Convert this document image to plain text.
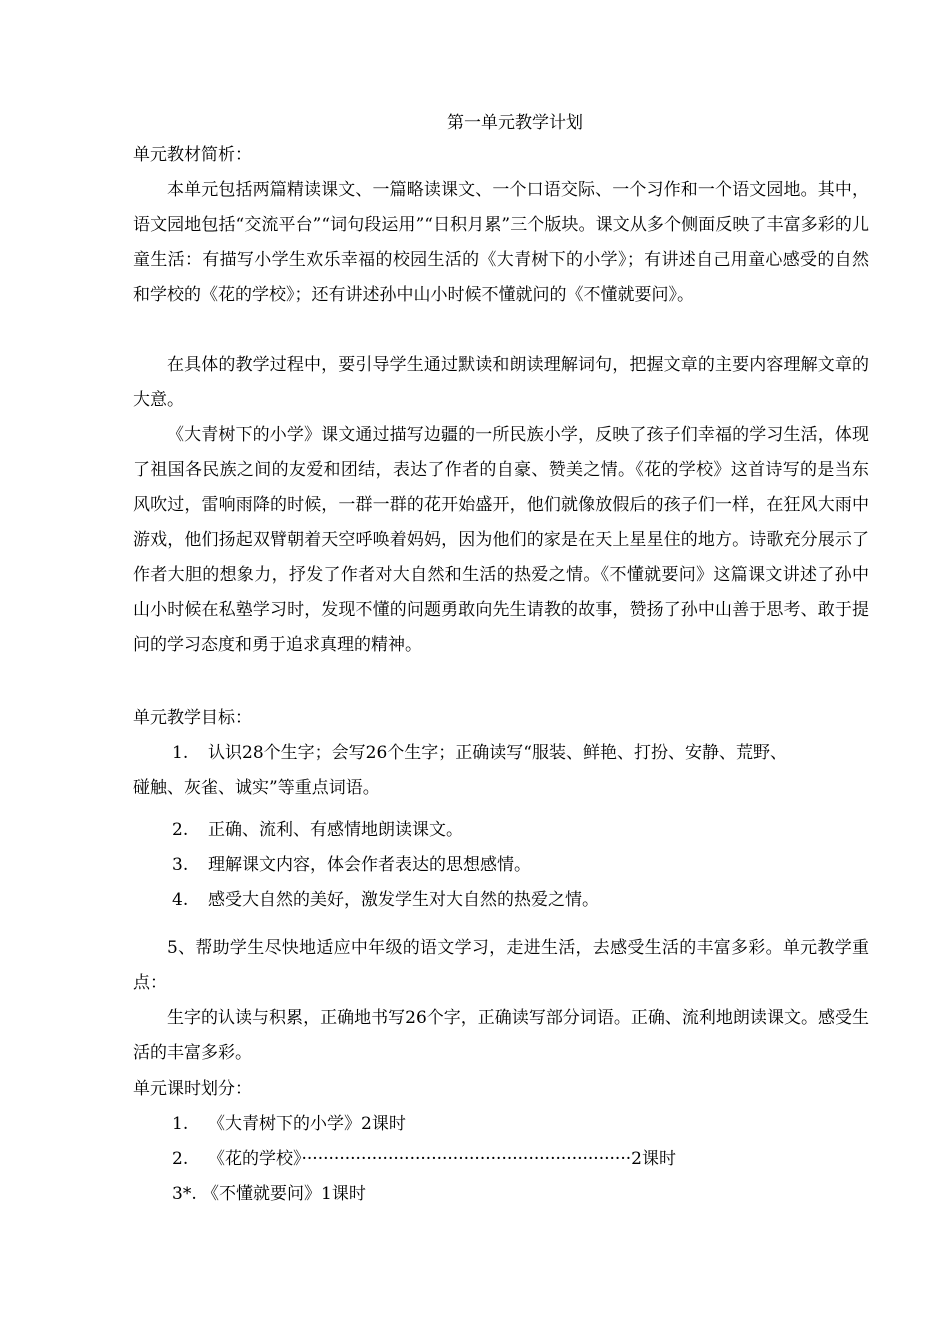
第一单元教学计划
单元教材简析：
本单元包括两篇精读课文、一篇略读课文、一个口语交际、一个习作和一个语文园地。其中，语文园地包括“交流平台”“词句段运用”“日积月累”三个版块。课文从多个侧面反映了丰富多彩的儿童生活：有描写小学生欢乐幸福的校园生活的《大青树下的小学》；有讲述自己用童心感受的自然和学校的《花的学校》；还有讲述孙中山小时候不懂就问的《不懂就要问》。
在具体的教学过程中，要引导学生通过默读和朗读理解词句，把握文章的主要内容理解文章的大意。
《大青树下的小学》课文通过描写边疆的一所民族小学，反映了孩子们幸福的学习生活，体现了祖国各民族之间的友爱和团结，表达了作者的自豪、赞美之情。《花的学校》这首诗写的是当东风吹过，雷响雨降的时候，一群一群的花开始盛开，他们就像放假后的孩子们一样，在狂风大雨中游戏，他们扬起双臂朝着天空呼唤着妈妈，因为他们的家是在天上星星住的地方。诗歌充分展示了作者大胆的想象力，抒发了作者对大自然和生活的热爱之情。《不懂就要问》这篇课文讲述了孙中山小时候在私塾学习时，发现不懂的问题勇敢向先生请教的故事，赞扬了孙中山善于思考、敢于提问的学习态度和勇于追求真理的精神。
单元教学目标：
1. 认识28个生字；会写26个生字；正确读写“服装、鲜艳、打扮、安静、荒野、
碰触、灰雀、诚实”等重点词语。
2. 正确、流利、有感情地朗读课文。
3. 理解课文内容，体会作者表达的思想感情。
4. 感受大自然的美好，激发学生对大自然的热爱之情。
5、帮助学生尽快地适应中年级的语文学习，走进生活，去感受生活的丰富多彩。单元教学重点：
生字的认读与积累，正确地书写26个字，正确读写部分词语。正确、流利地朗读课文。感受生活的丰富多彩。
单元课时划分：
1. 《大青树下的小学》2课时
2. 《花的学校》·····························································2课时
3*. 《不懂就要问》1课时
